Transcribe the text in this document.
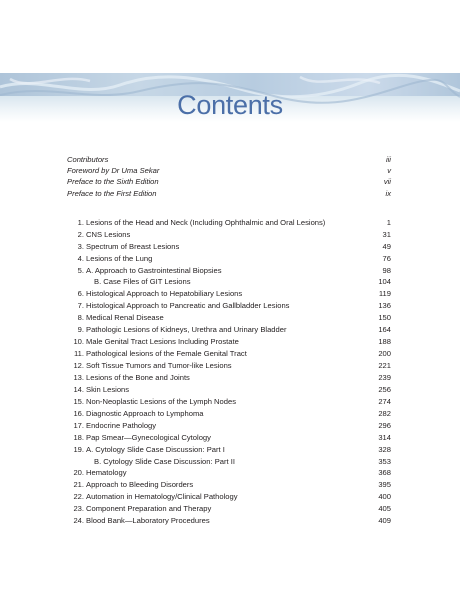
Contents
Contributors	iii
Foreword by Dr Uma Sekar	v
Preface to the Sixth Edition	vii
Preface to the First Edition	ix
1. Lesions of the Head and Neck (Including Ophthalmic and Oral Lesions)	1
2. CNS Lesions	31
3. Spectrum of Breast Lesions	49
4. Lesions of the Lung	76
5. A. Approach to Gastrointestinal Biopsies	98
B. Case Files of GIT Lesions	104
6. Histological Approach to Hepatobiliary Lesions	119
7. Histological Approach to Pancreatic and Gallbladder Lesions	136
8. Medical Renal Disease	150
9. Pathologic Lesions of Kidneys, Urethra and Urinary Bladder	164
10. Male Genital Tract Lesions Including Prostate	188
11. Pathological lesions of the Female Genital Tract	200
12. Soft Tissue Tumors and Tumor-like Lesions	221
13. Lesions of the Bone and Joints	239
14. Skin Lesions	256
15. Non-Neoplastic Lesions of the Lymph Nodes	274
16. Diagnostic Approach to Lymphoma	282
17. Endocrine Pathology	296
18. Pap Smear—Gynecological Cytology	314
19. A. Cytology Slide Case Discussion: Part I	328
B. Cytology Slide Case Discussion: Part II	353
20. Hematology	368
21. Approach to Bleeding Disorders	395
22. Automation in Hematology/Clinical Pathology	400
23. Component Preparation and Therapy	405
24. Blood Bank—Laboratory Procedures	409
